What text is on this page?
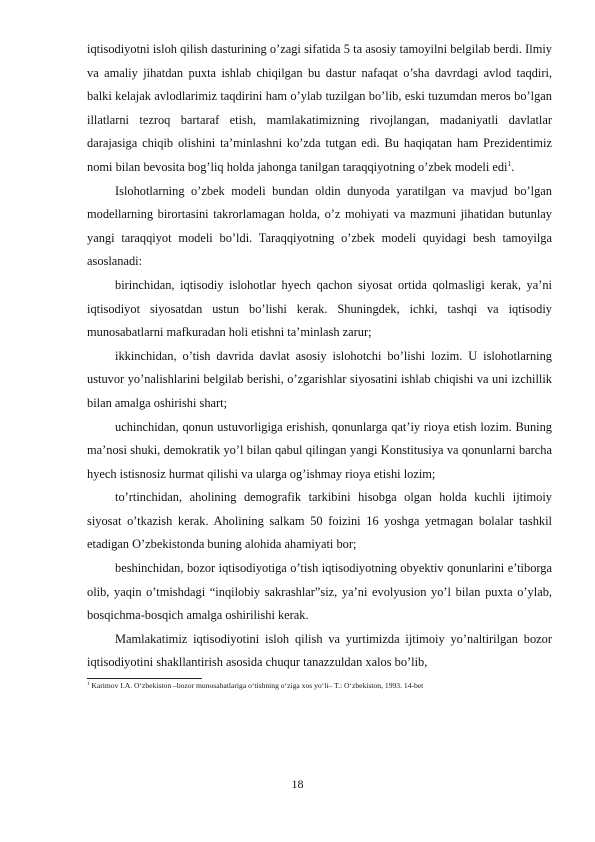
iqtisodiyotni isloh qilish dasturining o’zagi sifatida 5 ta asosiy tamoyilni belgilab berdi. Ilmiy va amaliy jihatdan puxta ishlab chiqilgan bu dastur nafaqat o’sha davrdagi avlod taqdiri, balki kelajak avlodlarimiz taqdirini ham o’ylab tuzilgan bo’lib, eski tuzumdan meros bo’lgan illatlarni tezroq bartaraf etish, mamlakatimizning rivojlangan, madaniyatli davlatlar darajasiga chiqib olishini ta’minlashni ko’zda tutgan edi. Bu haqiqatan ham Prezidentimiz nomi bilan bevosita bog’liq holda jahonga tanilgan taraqqiyotning o’zbek modeli edi$^1$.

Islohotlarning o’zbek modeli bundan oldin dunyoda yaratilgan va mavjud bo’lgan modellarning birortasini takrorlamagan holda, o’z mohiyati va mazmuni jihatidan butunlay yangi taraqqiyot modeli bo’ldi. Taraqqiyotning o’zbek modeli quyidagi besh tamoyilga asoslanadi:

birinchidan, iqtisodiy islohotlar hyech qachon siyosat ortida qolmasligi kerak, ya’ni iqtisodiyot siyosatdan ustun bo’lishi kerak. Shuningdek, ichki, tashqi va iqtisodiy munosabatlarni mafkuradan holi etishni ta’minlash zarur;

ikkinchidan, o’tish davrida davlat asosiy islohotchi bo’lishi lozim. U islohotlarning ustuvor yo’nalishlarini belgilab berishi, o’zgarishlar siyosatini ishlab chiqishi va uni izchillik bilan amalga oshirishi shart;

uchinchidan, qonun ustuvorligiga erishish, qonunlarga qat’iy rioya etish lozim. Buning ma’nosi shuki, demokratik yo’l bilan qabul qilingan yangi Konstitusiya va qonunlarni barcha hyech istisnosiz hurmat qilishi va ularga og’ishmay rioya etishi lozim;

to’rtinchidan, aholining demografik tarkibini hisobga olgan holda kuchli ijtimoiy siyosat o’tkazish kerak. Aholining salkam 50 foizini 16 yoshga yetmagan bolalar tashkil etadigan O’zbekistonda buning alohida ahamiyati bor;

beshinchidan, bozor iqtisodiyotiga o’tish iqtisodiyotning obyektiv qonunlarini e’tiborga olib, yaqin o’tmishdagi “inqilobiy sakrashlar”siz, ya’ni evolyusion yo’l bilan puxta o’ylab, bosqichma-bosqich amalga oshirilishi kerak.

Mamlakatimiz iqtisodiyotini isloh qilish va yurtimizda ijtimoiy yo’naltirilgan bozor iqtisodiyotini shakllantirish asosida chuqur tanazzuldan xalos bo’lib,

$^1$ Karimov I.A. O‘zbekiston –bozor munosabatlariga o‘tishning o‘ziga xos yo‘li– T.: O‘zbekiston, 1993. 14-bet
18
